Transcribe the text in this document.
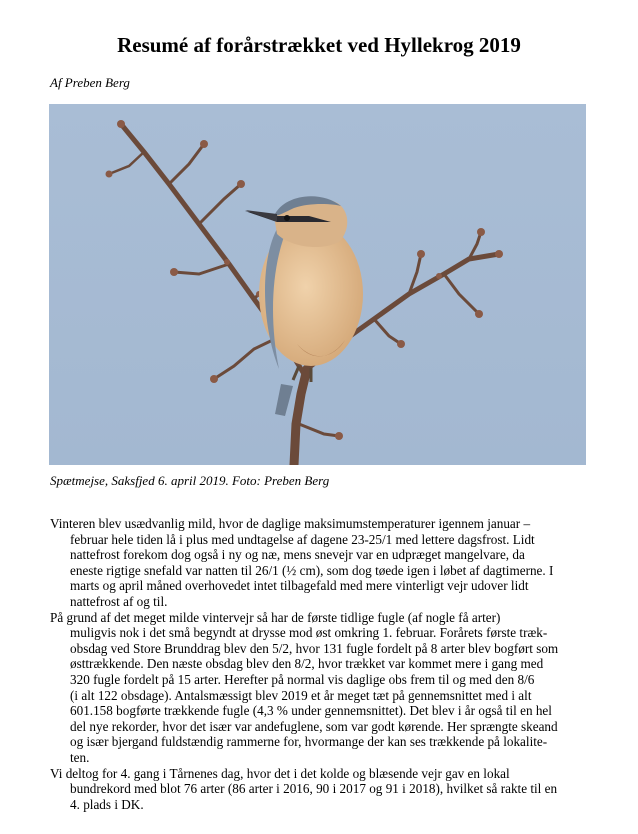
Resumé af forårstrækket ved Hyllekrog 2019

Af Preben Berg

Spætmejse, Saksfjed 6. april 2019. Foto: Preben Berg

Vinteren blev usædvanlig mild, hvor de daglige maksimumstemperaturer igennem januar –
februar hele tiden lå i plus med undtagelse af dagene 23-25/1 med lettere dagsfrost. Lidt
nattefrost forekom dog også i ny og næ, mens snevejr var en udpræget mangelvare, da
eneste rigtige snefald var natten til 26/1 (½ cm), som dog tøede igen i løbet af dagtimerne. I
marts og april måned overhovedet intet tilbagefald med mere vinterligt vejr udover lidt
nattefrost af og til.
På grund af det meget milde vintervejr så har de første tidlige fugle (af nogle få arter)
muligvis nok i det små begyndt at drysse mod øst omkring 1. februar. Forårets første træk-
obsdag ved Store Brunddrag blev den 5/2, hvor 131 fugle fordelt på 8 arter blev bogført som
østtrækkende. Den næste obsdag blev den 8/2, hvor trækket var kommet mere i gang med
320 fugle fordelt på 15 arter. Herefter på normal vis daglige obs frem til og med den 8/6
(i alt 122 obsdage). Antalsmæssigt blev 2019 et år meget tæt på gennemsnittet med i alt
601.158 bogførte trækkende fugle (4,3 % under gennemsnittet). Det blev i år også til en hel
del nye rekorder, hvor det især var andefuglene, som var godt kørende. Her sprængte skeand
og især bjergand fuldstændig rammerne for, hvormange der kan ses trækkende på lokalite-
ten.
Vi deltog for 4. gang i Tårnenes dag, hvor det i det kolde og blæsende vejr gav en lokal
bundrekord med blot 76 arter (86 arter i 2016, 90 i 2017 og 91 i 2018), hvilket så rakte til en
4. plads i DK.
